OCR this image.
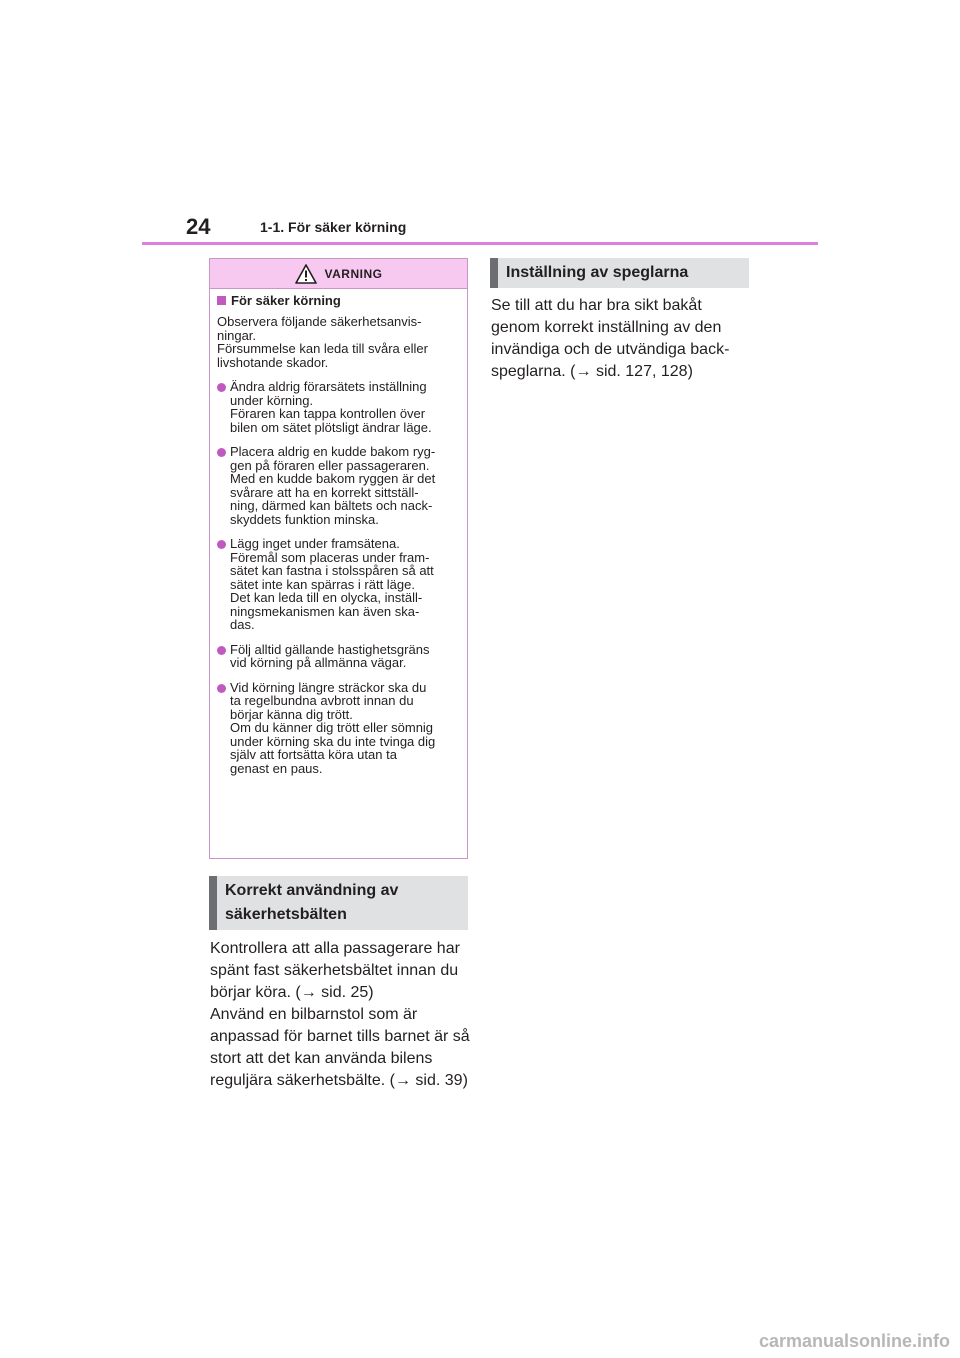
24	1-1. För säker körning
VARNING
För säker körning
Observera följande säkerhetsanvis-
ningar.
Försummelse kan leda till svåra eller
livshotande skador.
Ändra aldrig förarsätets inställning
under körning.
Föraren kan tappa kontrollen över
bilen om sätet plötsligt ändrar läge.
Placera aldrig en kudde bakom ryg-
gen på föraren eller passageraren.
Med en kudde bakom ryggen är det
svårare att ha en korrekt sittställ-
ning, därmed kan bältets och nack-
skyddets funktion minska.
Lägg inget under framsätena.
Föremål som placeras under fram-
sätet kan fastna i stolsspåren så att
sätet inte kan spärras i rätt läge.
Det kan leda till en olycka, inställ-
ningsmekanismen kan även ska-
das.
Följ alltid gällande hastighetsgräns
vid körning på allmänna vägar.
Vid körning längre sträckor ska du
ta regelbundna avbrott innan du
börjar känna dig trött.
Om du känner dig trött eller sömnig
under körning ska du inte tvinga dig
själv att fortsätta köra utan ta
genast en paus.
Korrekt användning av
säkerhetsbälten

Kontrollera att alla passagerare har
spänt fast säkerhetsbältet innan du
börjar köra. (→ sid. 25)
Använd en bilbarnstol som är
anpassad för barnet tills barnet är så
stort att det kan använda bilens
reguljära säkerhetsbälte. (→ sid. 39)

Inställning av speglarna

Se till att du har bra sikt bakåt
genom korrekt inställning av den
invändiga och de utvändiga back-
speglarna. (→ sid. 127, 128)

carmanualsonline.info
